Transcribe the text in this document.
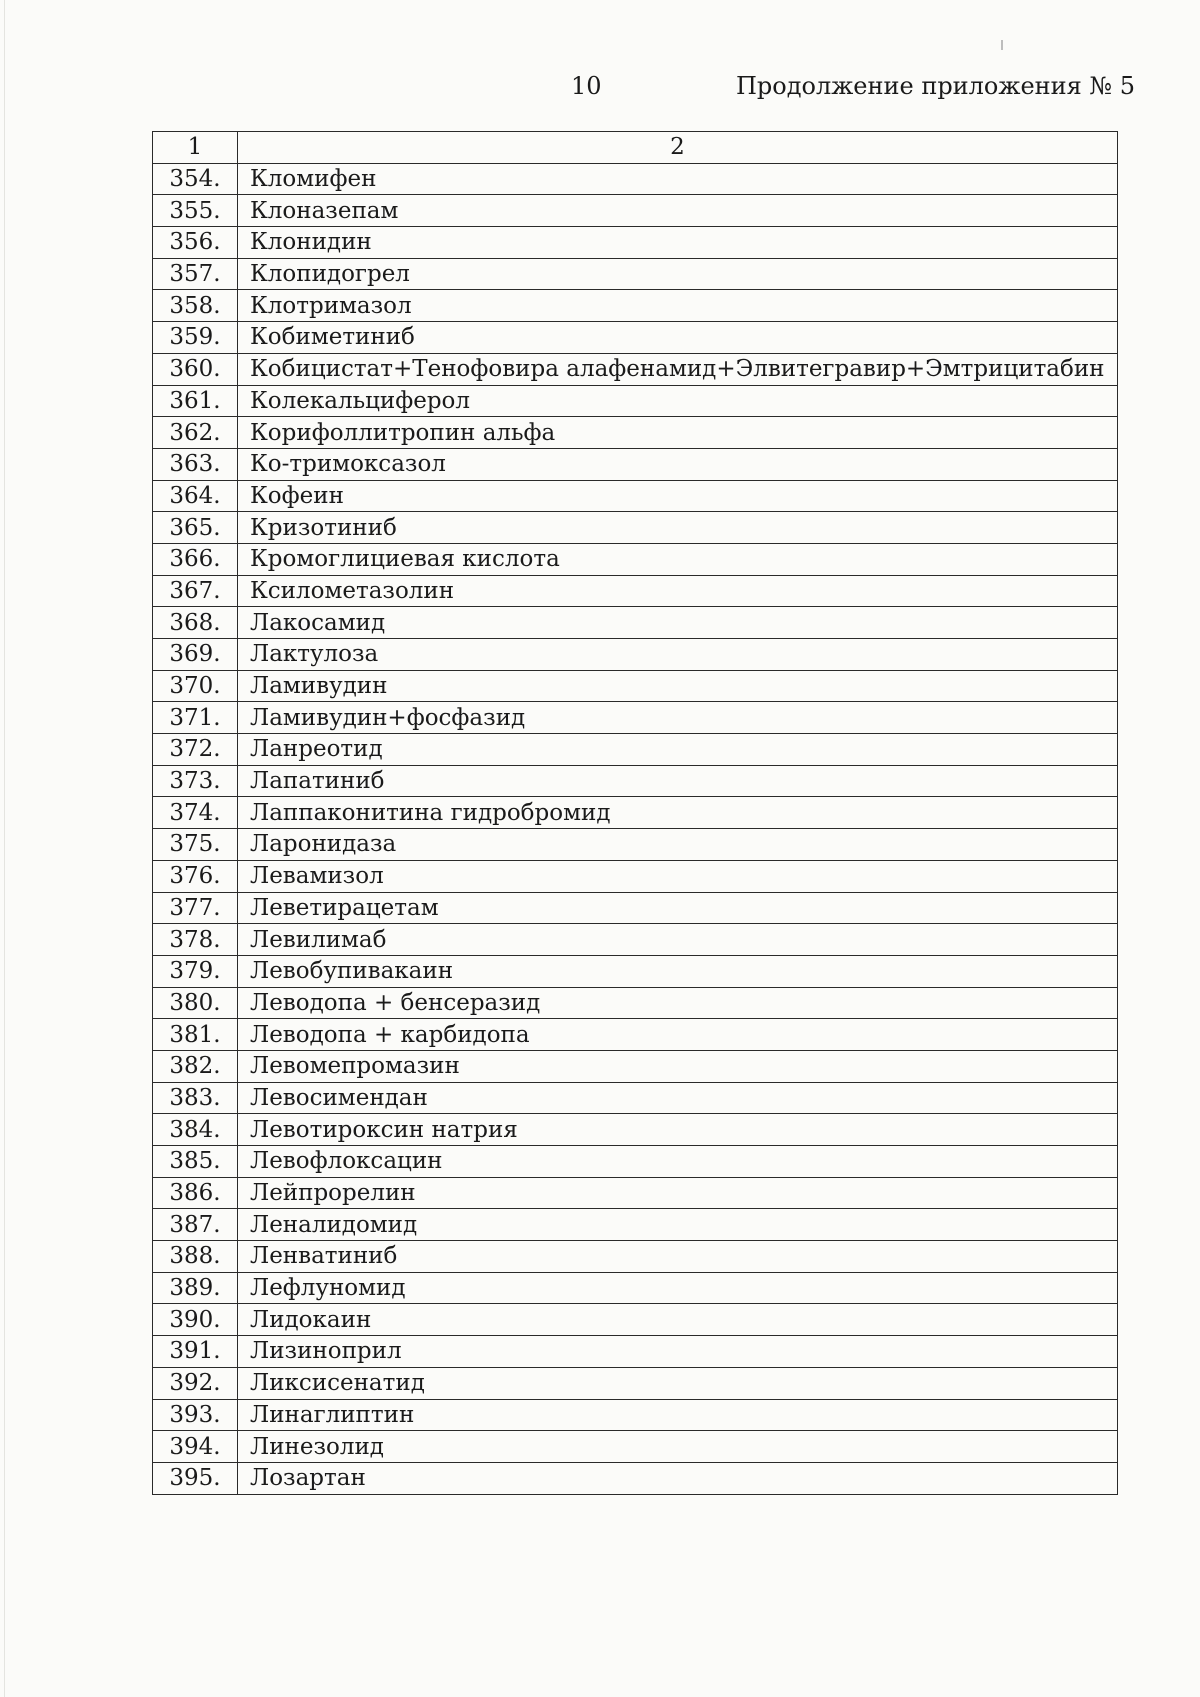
10	Продолжение приложения № 5
1	2
354.	Кломифен
355.	Клоназепам
356.	Клонидин
357.	Клопидогрел
358.	Клотримазол
359.	Кобиметиниб
360.	Кобицистат+Тенофовира алафенамид+Элвитегравир+Эмтрицитабин
361.	Колекальциферол
362.	Корифоллитропин альфа
363.	Ко-тримоксазол
364.	Кофеин
365.	Кризотиниб
366.	Кромоглициевая кислота
367.	Ксилометазолин
368.	Лакосамид
369.	Лактулоза
370.	Ламивудин
371.	Ламивудин+фосфазид
372.	Ланреотид
373.	Лапатиниб
374.	Лаппаконитина гидробромид
375.	Ларонидаза
376.	Левамизол
377.	Леветирацетам
378.	Левилимаб
379.	Левобупивакаин
380.	Леводопа + бенсеразид
381.	Леводопа + карбидопа
382.	Левомепромазин
383.	Левосимендан
384.	Левотироксин натрия
385.	Левофлоксацин
386.	Лейпрорелин
387.	Леналидомид
388.	Ленватиниб
389.	Лефлуномид
390.	Лидокаин
391.	Лизиноприл
392.	Ликсисенатид
393.	Линаглиптин
394.	Линезолид
395.	Лозартан
